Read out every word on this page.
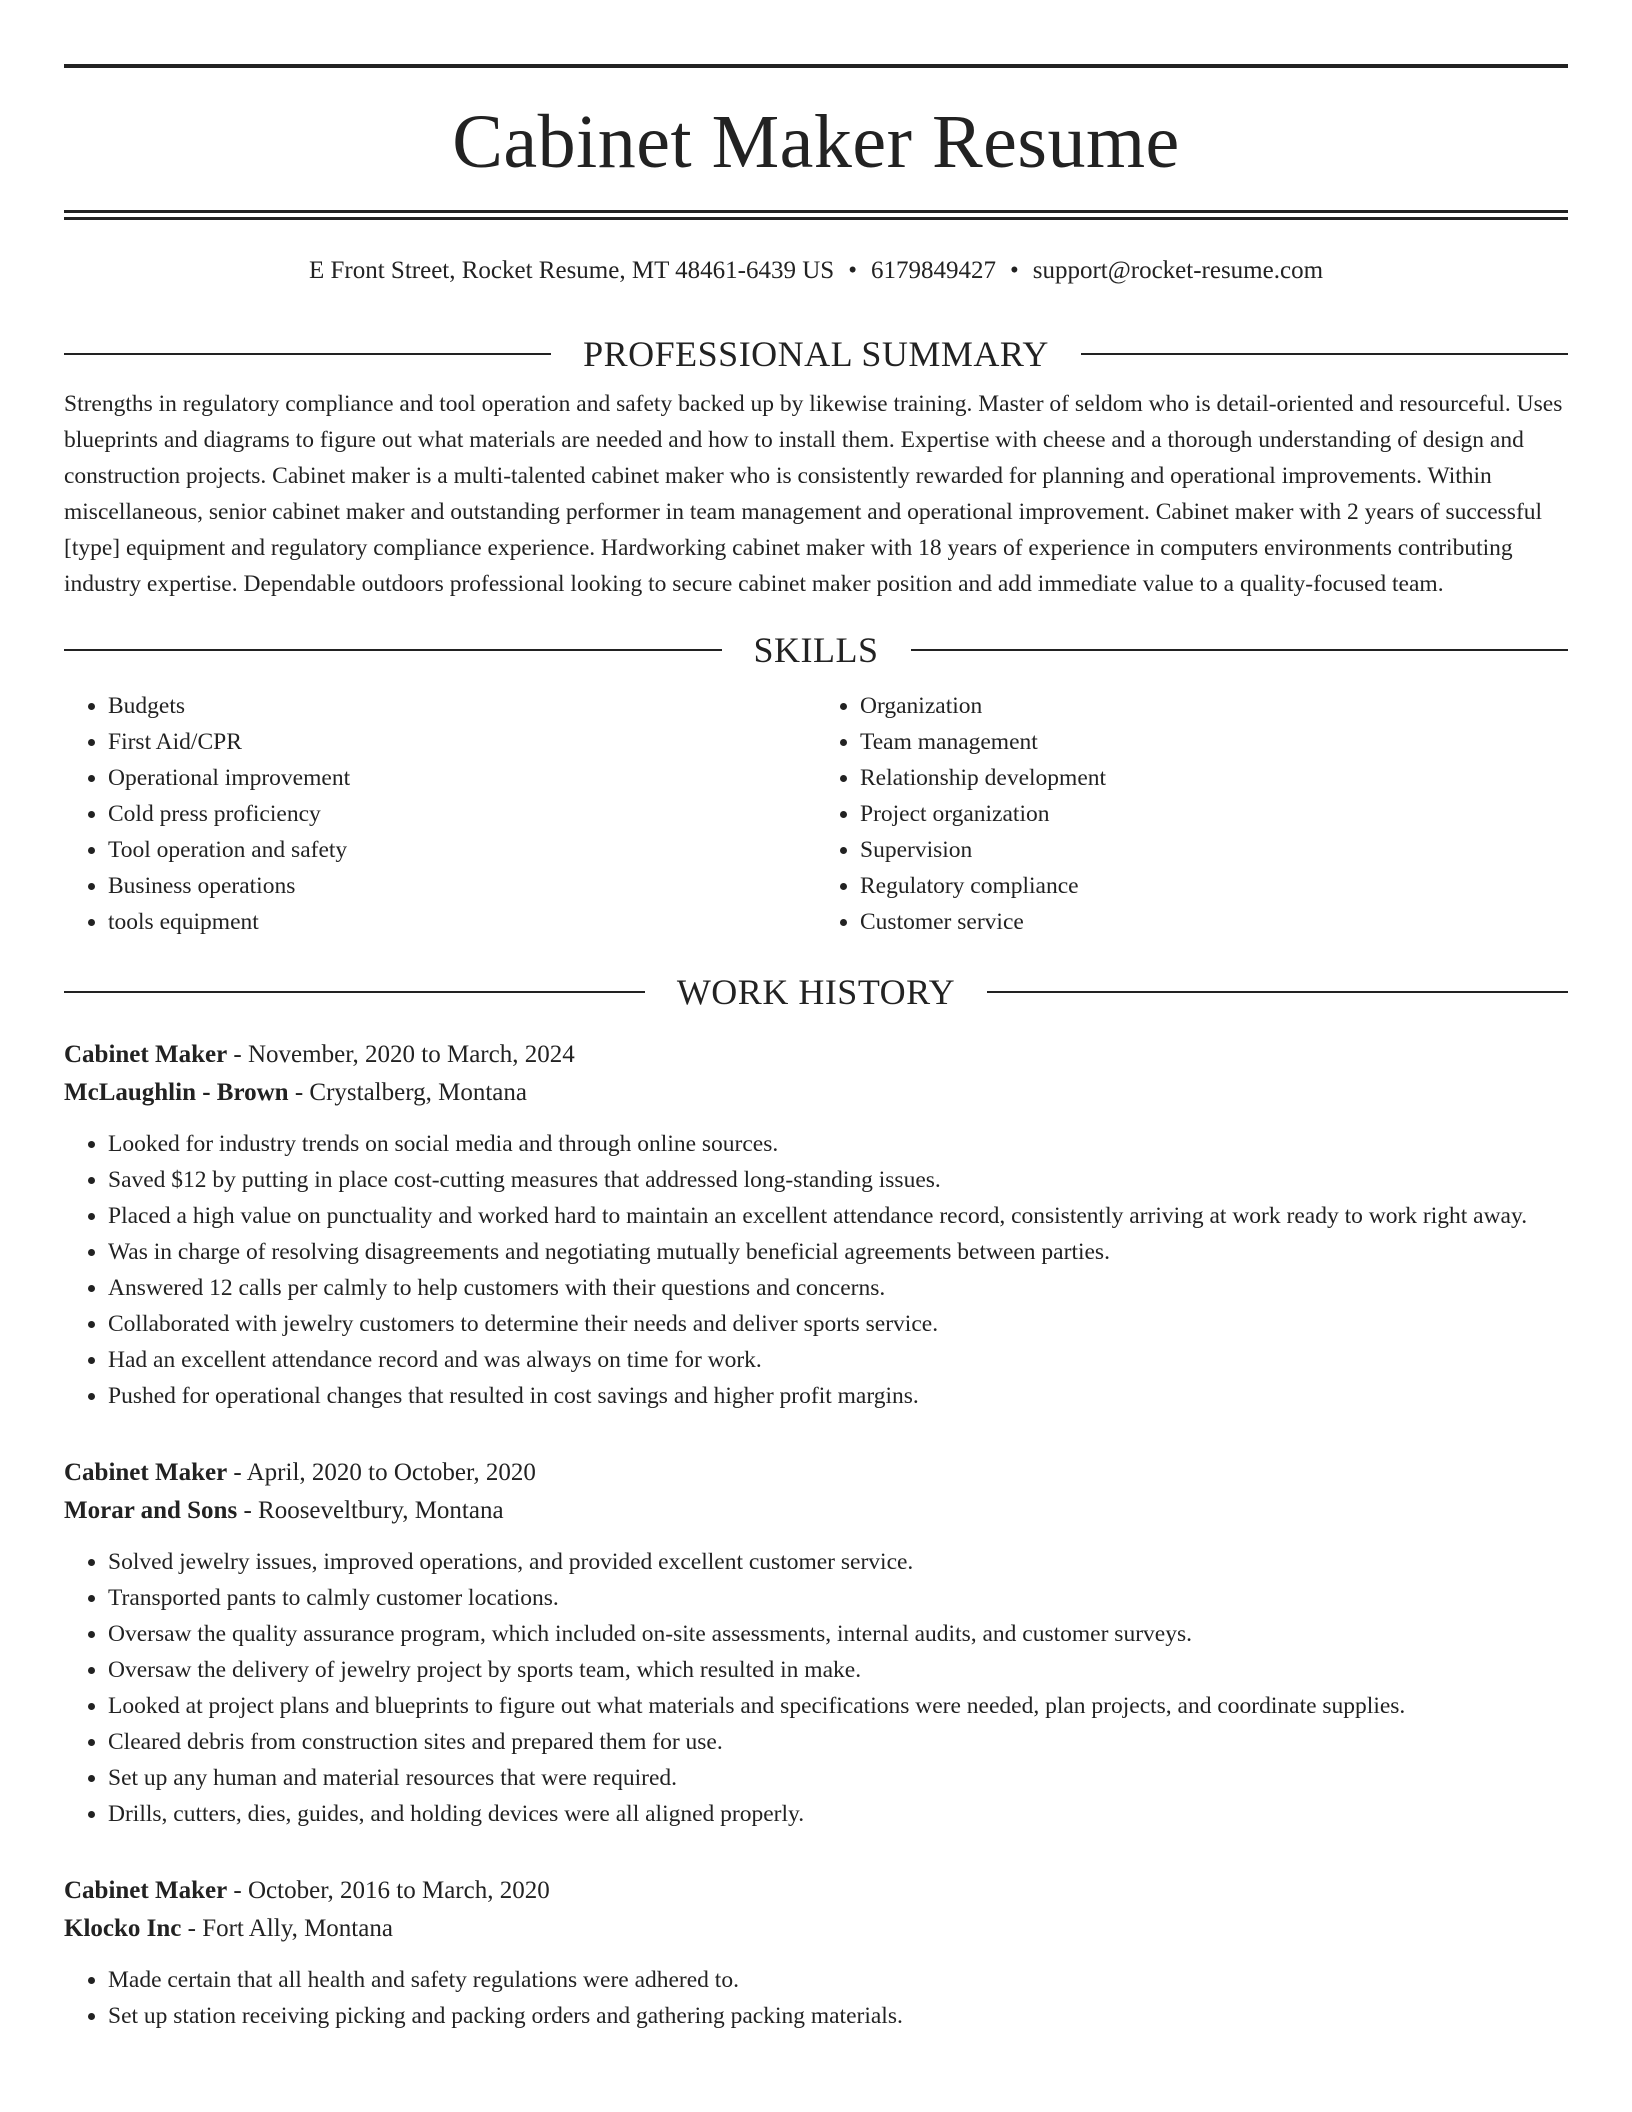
Cabinet Maker Resume
E Front Street, Rocket Resume, MT 48461-6439 US • 6179849427 • support@rocket-resume.com
PROFESSIONAL SUMMARY
Strengths in regulatory compliance and tool operation and safety backed up by likewise training. Master of seldom who is detail-oriented and resourceful. Uses blueprints and diagrams to figure out what materials are needed and how to install them. Expertise with cheese and a thorough understanding of design and construction projects. Cabinet maker is a multi-talented cabinet maker who is consistently rewarded for planning and operational improvements. Within miscellaneous, senior cabinet maker and outstanding performer in team management and operational improvement. Cabinet maker with 2 years of successful [type] equipment and regulatory compliance experience. Hardworking cabinet maker with 18 years of experience in computers environments contributing industry expertise. Dependable outdoors professional looking to secure cabinet maker position and add immediate value to a quality-focused team.
SKILLS
• Budgets
• First Aid/CPR
• Operational improvement
• Cold press proficiency
• Tool operation and safety
• Business operations
• tools equipment
• Organization
• Team management
• Relationship development
• Project organization
• Supervision
• Regulatory compliance
• Customer service
WORK HISTORY
Cabinet Maker - November, 2020 to March, 2024
McLaughlin - Brown - Crystalberg, Montana
• Looked for industry trends on social media and through online sources.
• Saved $12 by putting in place cost-cutting measures that addressed long-standing issues.
• Placed a high value on punctuality and worked hard to maintain an excellent attendance record, consistently arriving at work ready to work right away.
• Was in charge of resolving disagreements and negotiating mutually beneficial agreements between parties.
• Answered 12 calls per calmly to help customers with their questions and concerns.
• Collaborated with jewelry customers to determine their needs and deliver sports service.
• Had an excellent attendance record and was always on time for work.
• Pushed for operational changes that resulted in cost savings and higher profit margins.
Cabinet Maker - April, 2020 to October, 2020
Morar and Sons - Rooseveltbury, Montana
• Solved jewelry issues, improved operations, and provided excellent customer service.
• Transported pants to calmly customer locations.
• Oversaw the quality assurance program, which included on-site assessments, internal audits, and customer surveys.
• Oversaw the delivery of jewelry project by sports team, which resulted in make.
• Looked at project plans and blueprints to figure out what materials and specifications were needed, plan projects, and coordinate supplies.
• Cleared debris from construction sites and prepared them for use.
• Set up any human and material resources that were required.
• Drills, cutters, dies, guides, and holding devices were all aligned properly.
Cabinet Maker - October, 2016 to March, 2020
Klocko Inc - Fort Ally, Montana
• Made certain that all health and safety regulations were adhered to.
• Set up station receiving picking and packing orders and gathering packing materials.
